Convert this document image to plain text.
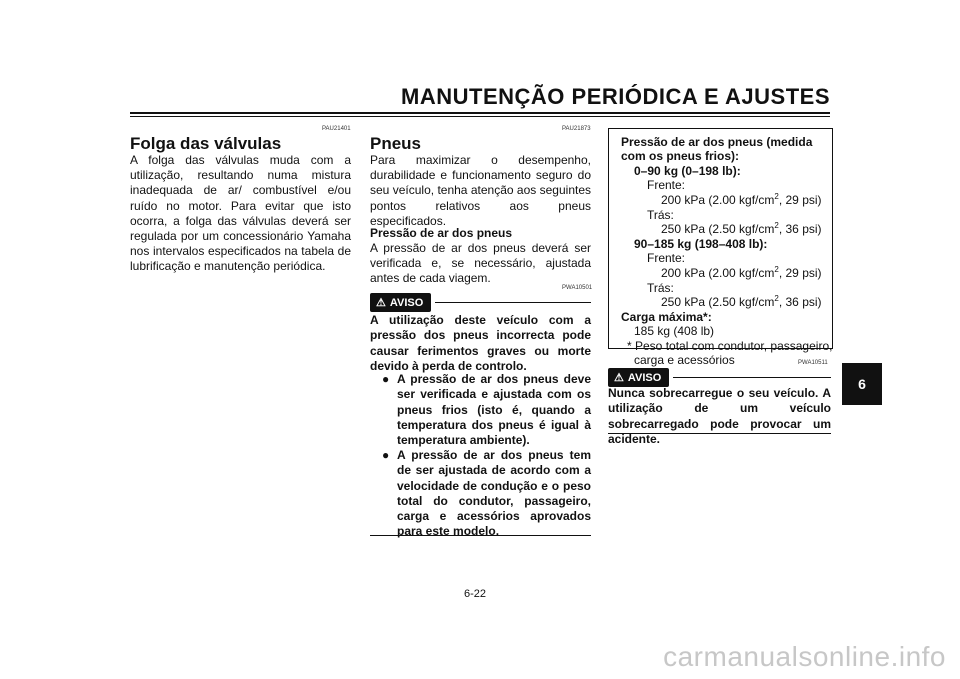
MANUTENÇÃO PERIÓDICA E AJUSTES
6
PAU21401
Folga das válvulas
A folga das válvulas muda com a utilização, resultando numa mistura inadequada de ar/ combustível e/ou ruído no motor. Para evitar que isto ocorra, a folga das válvulas deverá ser regulada por um concessionário Yamaha nos intervalos especificados na tabela de lubrificação e manutenção periódica.
PAU21873
Pneus
Para maximizar o desempenho, durabilidade e funcionamento seguro do seu veículo, tenha atenção aos seguintes pontos relativos aos pneus especificados.
Pressão de ar dos pneus
A pressão de ar dos pneus deverá ser verificada e, se necessário, ajustada antes de cada viagem.
PWA10501
⚠ AVISO
A utilização deste veículo com a pressão dos pneus incorrecta pode causar ferimentos graves ou morte devido à perda de controlo.
● A pressão de ar dos pneus deve ser verificada e ajustada com os pneus frios (isto é, quando a temperatura dos pneus é igual à temperatura ambiente).
● A pressão de ar dos pneus tem de ser ajustada de acordo com a velocidade de condução e o peso total do condutor, passageiro, carga e acessórios aprovados para este modelo.
Pressão de ar dos pneus (medida
com os pneus frios):
0–90 kg (0–198 lb):
Frente:
200 kPa (2.00 kgf/$cm^2$, 29 psi)
Trás:
250 kPa (2.50 kgf/$cm^2$, 36 psi)
90–185 kg (198–408 lb):
Frente:
200 kPa (2.00 kgf/$cm^2$, 29 psi)
Trás:
250 kPa (2.50 kgf/$cm^2$, 36 psi)
Carga máxima*:
185 kg (408 lb)
* Peso total com condutor, passageiro,
carga e acessórios	PWA10511
⚠ AVISO
Nunca sobrecarregue o seu veículo. A utilização de um veículo sobrecarregado pode provocar um acidente.
6-22
carmanualsonline.info
